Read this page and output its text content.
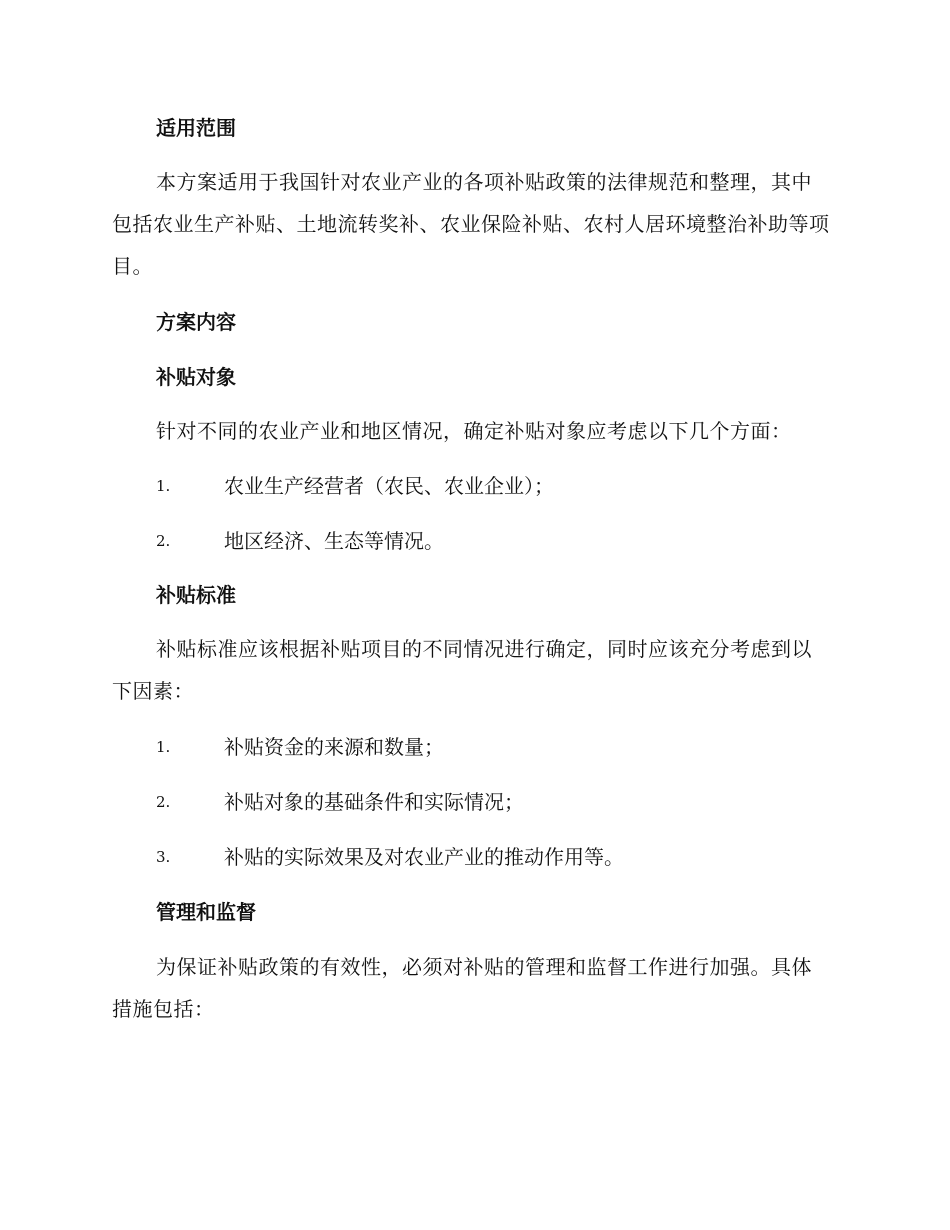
适用范围
本方案适用于我国针对农业产业的各项补贴政策的法律规范和整理，其中包括农业生产补贴、土地流转奖补、农业保险补贴、农村人居环境整治补助等项目。
方案内容
补贴对象
针对不同的农业产业和地区情况，确定补贴对象应考虑以下几个方面：
1.	农业生产经营者（农民、农业企业）；
2.	地区经济、生态等情况。
补贴标准
补贴标准应该根据补贴项目的不同情况进行确定，同时应该充分考虑到以下因素：
1.	补贴资金的来源和数量；
2.	补贴对象的基础条件和实际情况；
3.	补贴的实际效果及对农业产业的推动作用等。
管理和监督
为保证补贴政策的有效性，必须对补贴的管理和监督工作进行加强。具体措施包括：
